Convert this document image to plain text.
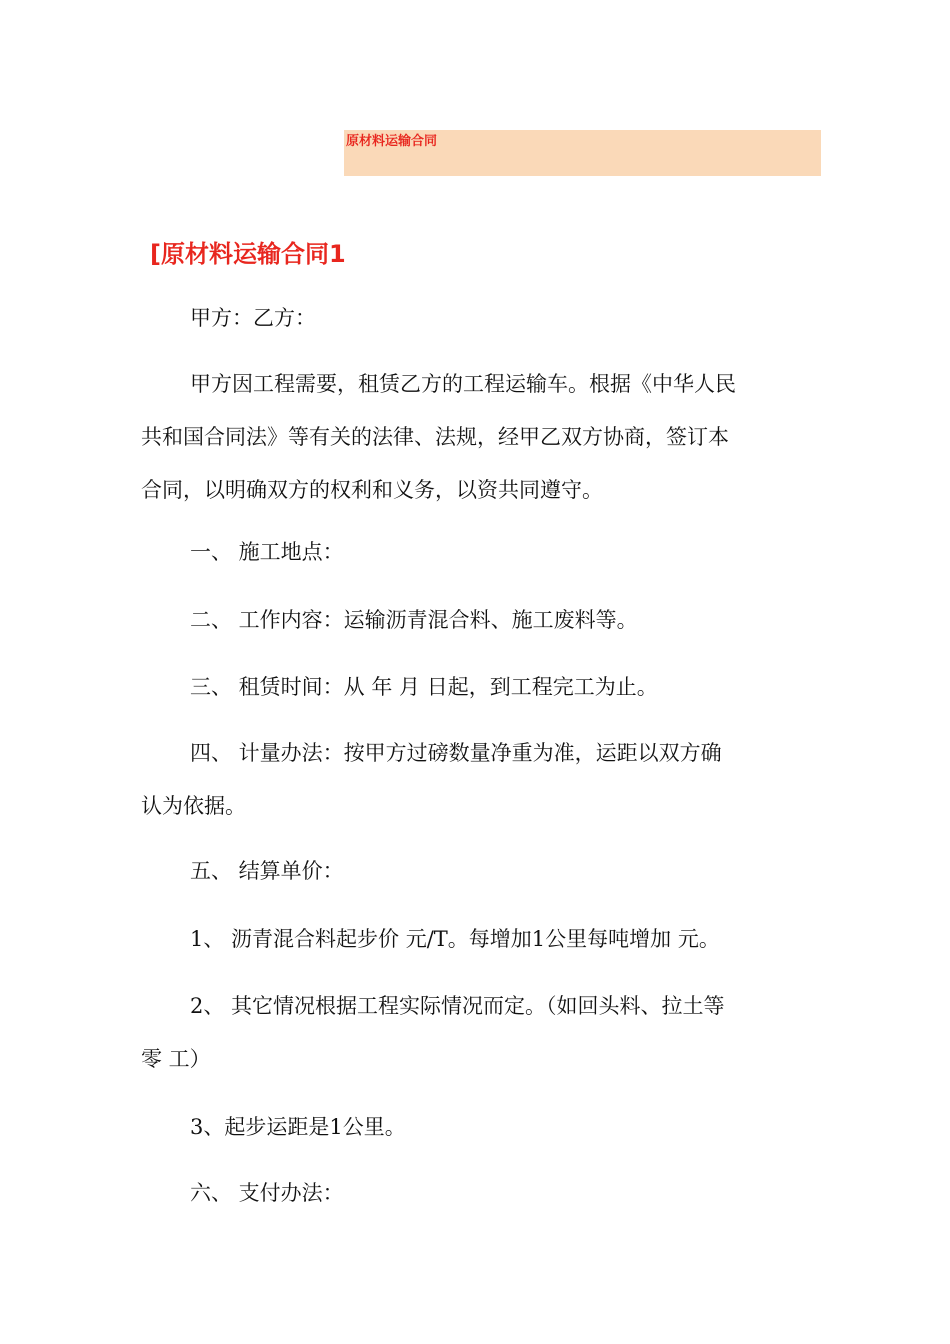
原材料运输合同
[原材料运输合同1
甲方：乙方：
甲方因工程需要，租赁乙方的工程运输车。根据《中华人民
共和国合同法》等有关的法律、法规，经甲乙双方协商，签订本
合同，以明确双方的权利和义务，以资共同遵守。
一、 施工地点：
二、 工作内容：运输沥青混合料、施工废料等。
三、 租赁时间：从 年 月 日起，到工程完工为止。
四、 计量办法：按甲方过磅数量净重为准，运距以双方确
认为依据。
五、 结算单价：
1、 沥青混合料起步价 元/T。每增加1公里每吨增加 元。
2、 其它情况根据工程实际情况而定。（如回头料、拉土等
零 工）
3、起步运距是1公里。
六、 支付办法：
